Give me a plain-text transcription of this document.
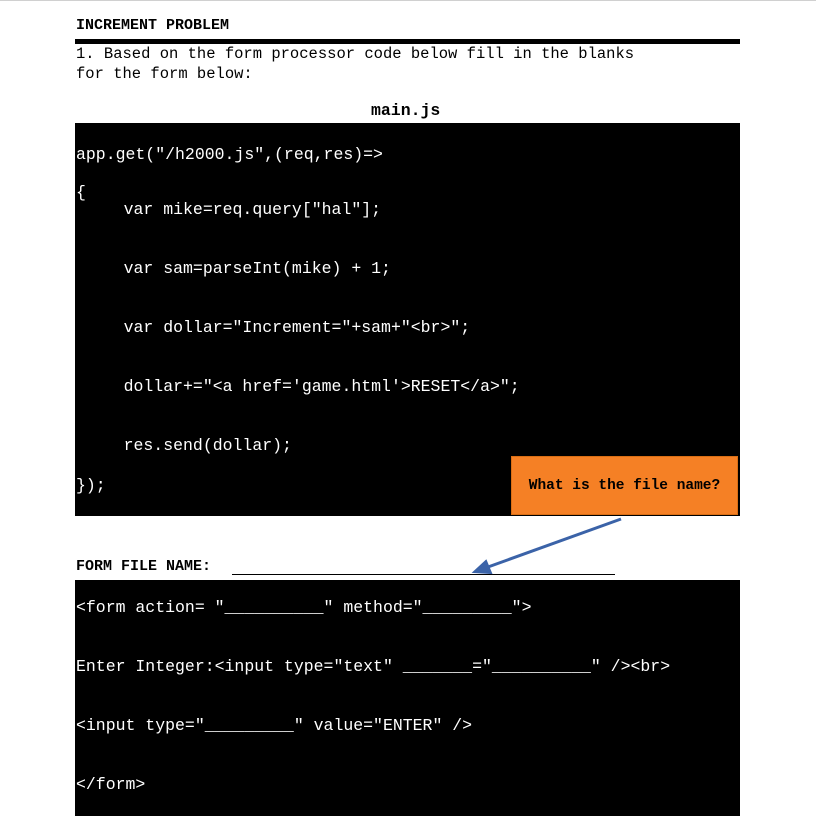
INCREMENT PROBLEM
1. Based on the form processor code below fill in the blanks
for the form below:
main.js
app.get("/h2000.js",(req,res)=>
{
var mike=req.query["hal"];
var sam=parseInt(mike) + 1;
var dollar="Increment="+sam+"<br>";
dollar+="<a href='game.html'>RESET</a>";
res.send(dollar);
});	What is the file name?
FORM FILE NAME:
<form action= "__________" method="_________">
Enter Integer:<input type="text" _______="__________" /><br>
<input type="_________" value="ENTER" />
</form>
